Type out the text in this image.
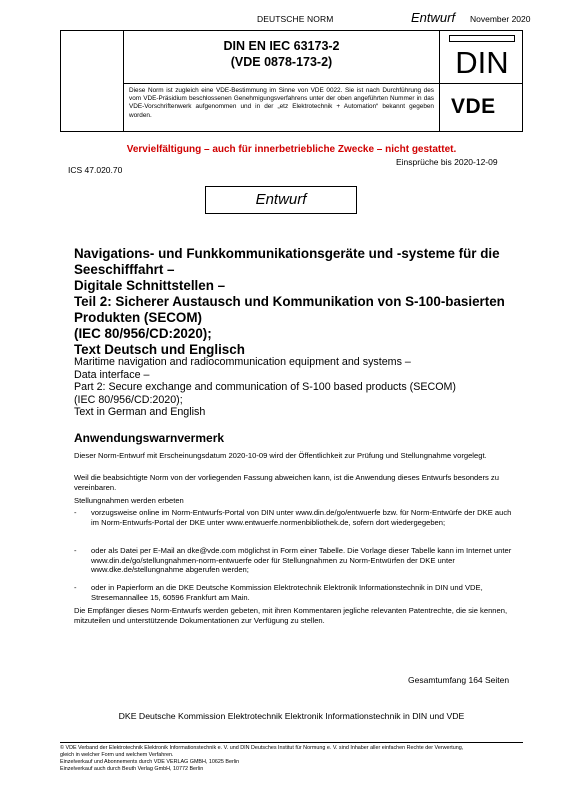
DEUTSCHE NORM	Entwurf November 2020
DIN EN IEC 63173-2
(VDE 0878-173-2)
Diese Norm ist zugleich eine VDE-Bestimmung im Sinne von VDE 0022. Sie ist nach Durchführung des vom VDE-Präsidium beschlossenen Genehmigungsverfahrens unter der oben angeführten Nummer in das VDE-Vorschriftenwerk aufgenommen und in der „etz Elektrotechnik + Automation“ bekannt gegeben worden.
DIN
VDE
Vervielfältigung – auch für innerbetriebliche Zwecke – nicht gestattet.
Einsprüche bis 2020-12-09
ICS 47.020.70
Entwurf
Navigations- und Funkkommunikationsgeräte und -systeme für die
Seeschifffahrt –
Digitale Schnittstellen –
Teil 2: Sicherer Austausch und Kommunikation von S-100-basierten
Produkten (SECOM)
(IEC 80/956/CD:2020);
Text Deutsch und Englisch
Maritime navigation and radiocommunication equipment and systems –
Data interface –
Part 2: Secure exchange and communication of S-100 based products (SECOM)
(IEC 80/956/CD:2020);
Text in German and English
Anwendungswarnvermerk
Dieser Norm-Entwurf mit Erscheinungsdatum 2020-10-09 wird der Öffentlichkeit zur Prüfung und Stellungnahme vorgelegt.
Weil die beabsichtigte Norm von der vorliegenden Fassung abweichen kann, ist die Anwendung dieses Entwurfs besonders zu vereinbaren.
Stellungnahmen werden erbeten
- vorzugsweise online im Norm-Entwurfs-Portal von DIN unter www.din.de/go/entwuerfe bzw. für Norm-Entwürfe der DKE auch im Norm-Entwurfs-Portal der DKE unter www.entwuerfe.normenbibliothek.de, sofern dort wiedergegeben;
- oder als Datei per E-Mail an dke@vde.com möglichst in Form einer Tabelle. Die Vorlage dieser Tabelle kann im Internet unter www.din.de/go/stellungnahmen-norm-entwuerfe oder für Stellungnahmen zu Norm-Entwürfen der DKE unter www.dke.de/stellungnahme abgerufen werden;
- oder in Papierform an die DKE Deutsche Kommission Elektrotechnik Elektronik Informationstechnik in DIN und VDE, Stresemannallee 15, 60596 Frankfurt am Main.
Die Empfänger dieses Norm-Entwurfs werden gebeten, mit ihren Kommentaren jegliche relevanten Patentrechte, die sie kennen, mitzuteilen und unterstützende Dokumentationen zur Verfügung zu stellen.
Gesamtumfang 164 Seiten
DKE Deutsche Kommission Elektrotechnik Elektronik Informationstechnik in DIN und VDE
© VDE Verband der Elektrotechnik Elektronik Informationstechnik e. V. und DIN Deutsches Institut für Normung e. V. sind Inhaber aller einfachen Rechte der Verwertung,
gleich in welcher Form und welchem Verfahren.
Einzelverkauf und Abonnements durch VDE VERLAG GMBH, 10625 Berlin
Einzelverkauf auch durch Beuth Verlag GmbH, 10772 Berlin
